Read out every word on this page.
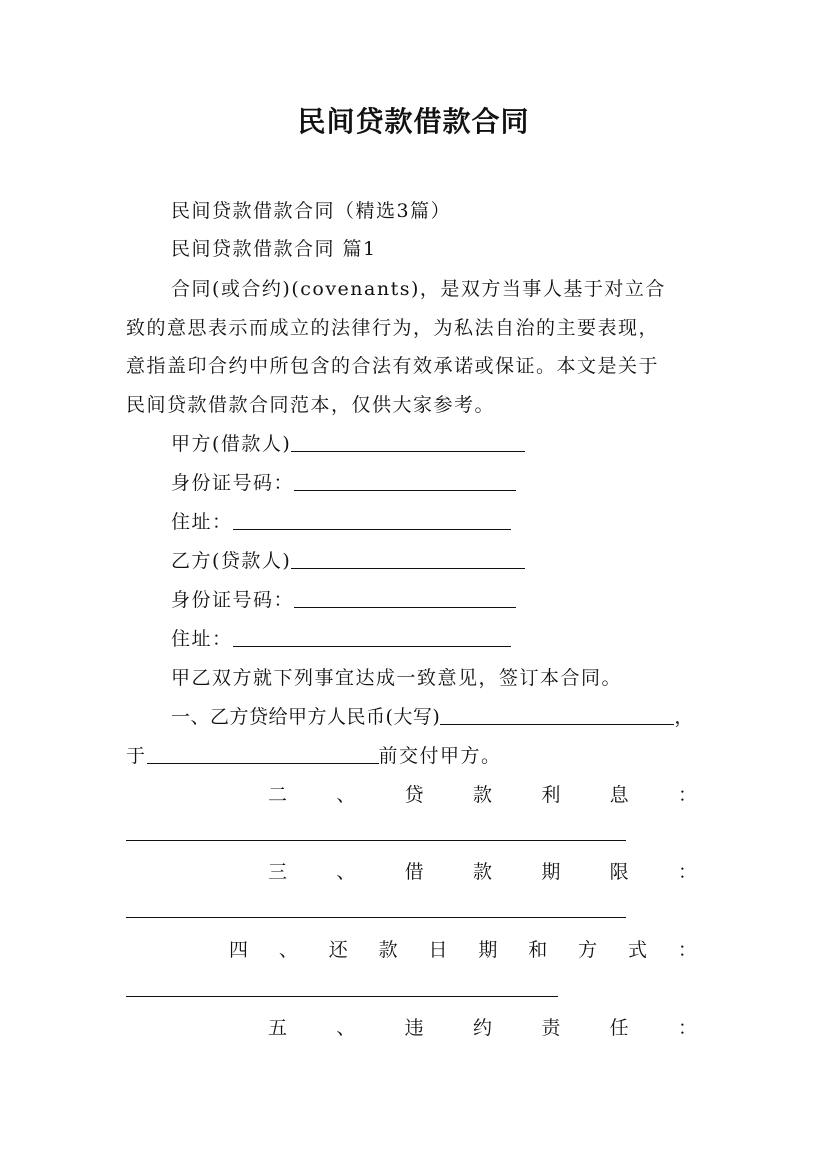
民间贷款借款合同
民间贷款借款合同（精选3篇）
民间贷款借款合同 篇1
合同(或合约)(covenants)，是双方当事人基于对立合
致的意思表示而成立的法律行为，为私法自治的主要表现，
意指盖印合约中所包含的合法有效承诺或保证。本文是关于
民间贷款借款合同范本，仅供大家参考。
甲方(借款人)
身份证号码：
住址：
乙方(贷款人)
身份证号码：
住址：
甲乙双方就下列事宜达成一致意见，签订本合同。
一、乙方贷给甲方人民币(大写)	，
于	前交付甲方。
二	、	贷	款	利	息	：
三	、	借	款	期	限	：
四 、 还 款 日 期 和 方 式 ：
五	、	违	约	责	任	：
